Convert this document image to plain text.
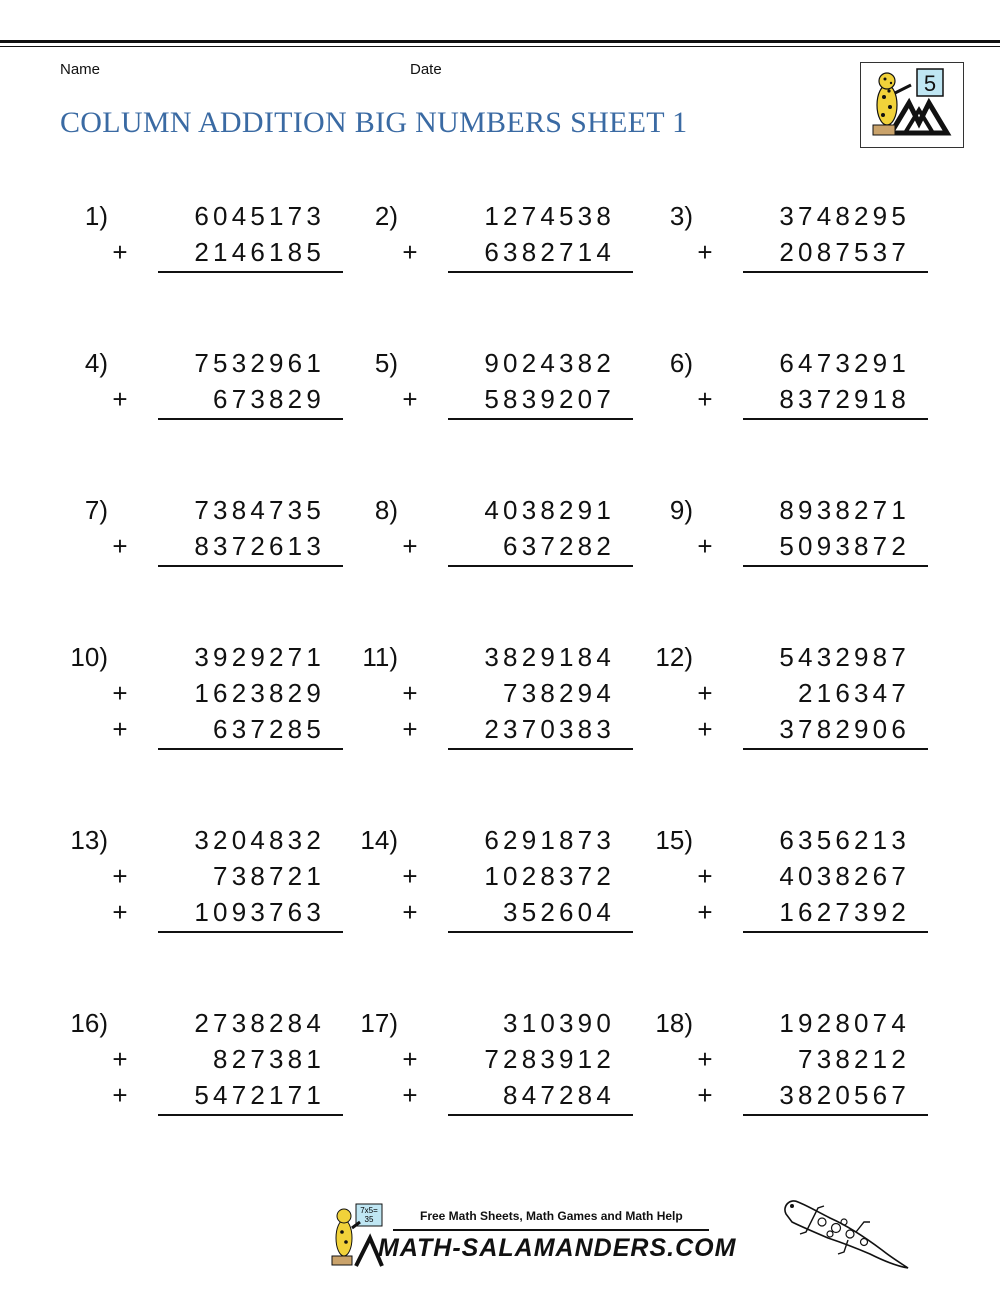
Name	Date
COLUMN ADDITION BIG NUMBERS SHEET 1
5
1)	6045173
+	2146185
2)	1274538
+	6382714
3)	3748295
+	2087537
4)	7532961
+	673829
5)	9024382
+	5839207
6)	6473291
+	8372918
7)	7384735
+	8372613
8)	4038291
+	637282
9)	8938271
+	5093872
10)	3929271
+	1623829
+	637285
11)	3829184
+	738294
+	2370383
12)	5432987
+	216347
+	3782906
13)	3204832
+	738721
+	1093763
14)	6291873
+	1028372
+	352604
15)	6356213
+	4038267
+	1627392
16)	2738284
+	827381
+	5472171
17)	310390
+	7283912
+	847284
18)	1928074
+	738212
+	3820567
Free Math Sheets, Math Games and Math Help
MATH-SALAMANDERS.COM
7x5=
35
